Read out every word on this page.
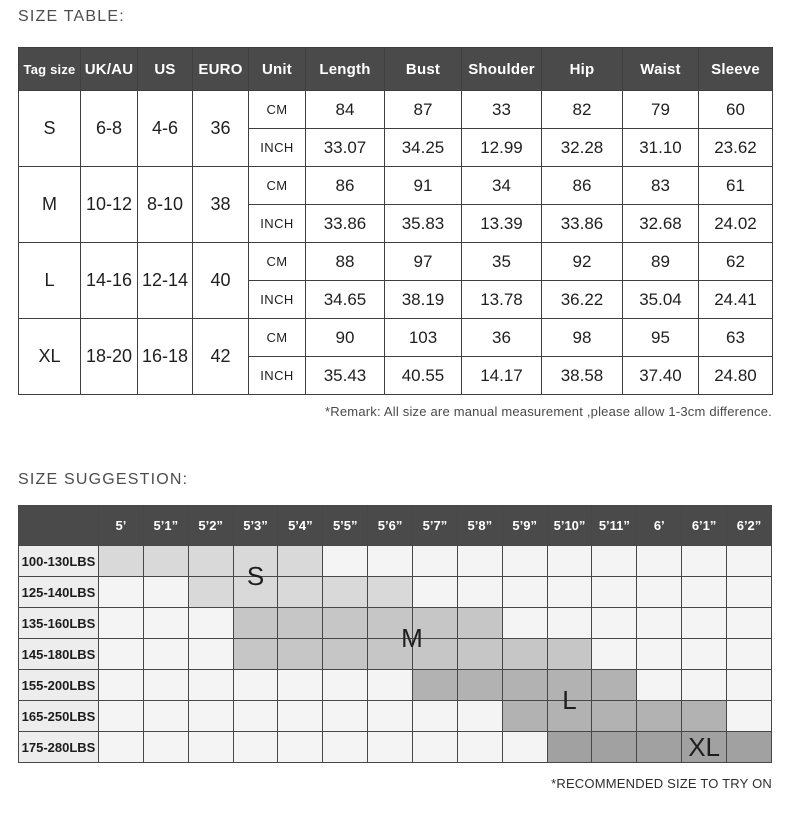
SIZE TABLE:
Tag size	UK/AU	US	EURO	Unit	Length	Bust	Shoulder	Hip	Waist	Sleeve
S	6-8	4-6	36	CM	84	87	33	82	79	60
				INCH	33.07	34.25	12.99	32.28	31.10	23.62
M	10-12	8-10	38	CM	86	91	34	86	83	61
				INCH	33.86	35.83	13.39	33.86	32.68	24.02
L	14-16	12-14	40	CM	88	97	35	92	89	62
				INCH	34.65	38.19	13.78	36.22	35.04	24.41
XL	18-20	16-18	42	CM	90	103	36	98	95	63
				INCH	35.43	40.55	14.17	38.58	37.40	24.80
*Remark: All size are manual measurement ,please allow 1-3cm difference.
SIZE SUGGESTION:
	5’	5’1”	5’2”	5’3”	5’4”	5’5”	5’6”	5’7”	5’8”	5’9”	5’10”	5’11”	6’	6’1”	6’2”
100-130LBS				S											

125-140LBS															
135-160LBS							M								

145-180LBS															
155-200LBS											L				

165-250LBS															
175-280LBS														XL	

*RECOMMENDED SIZE TO TRY ON
